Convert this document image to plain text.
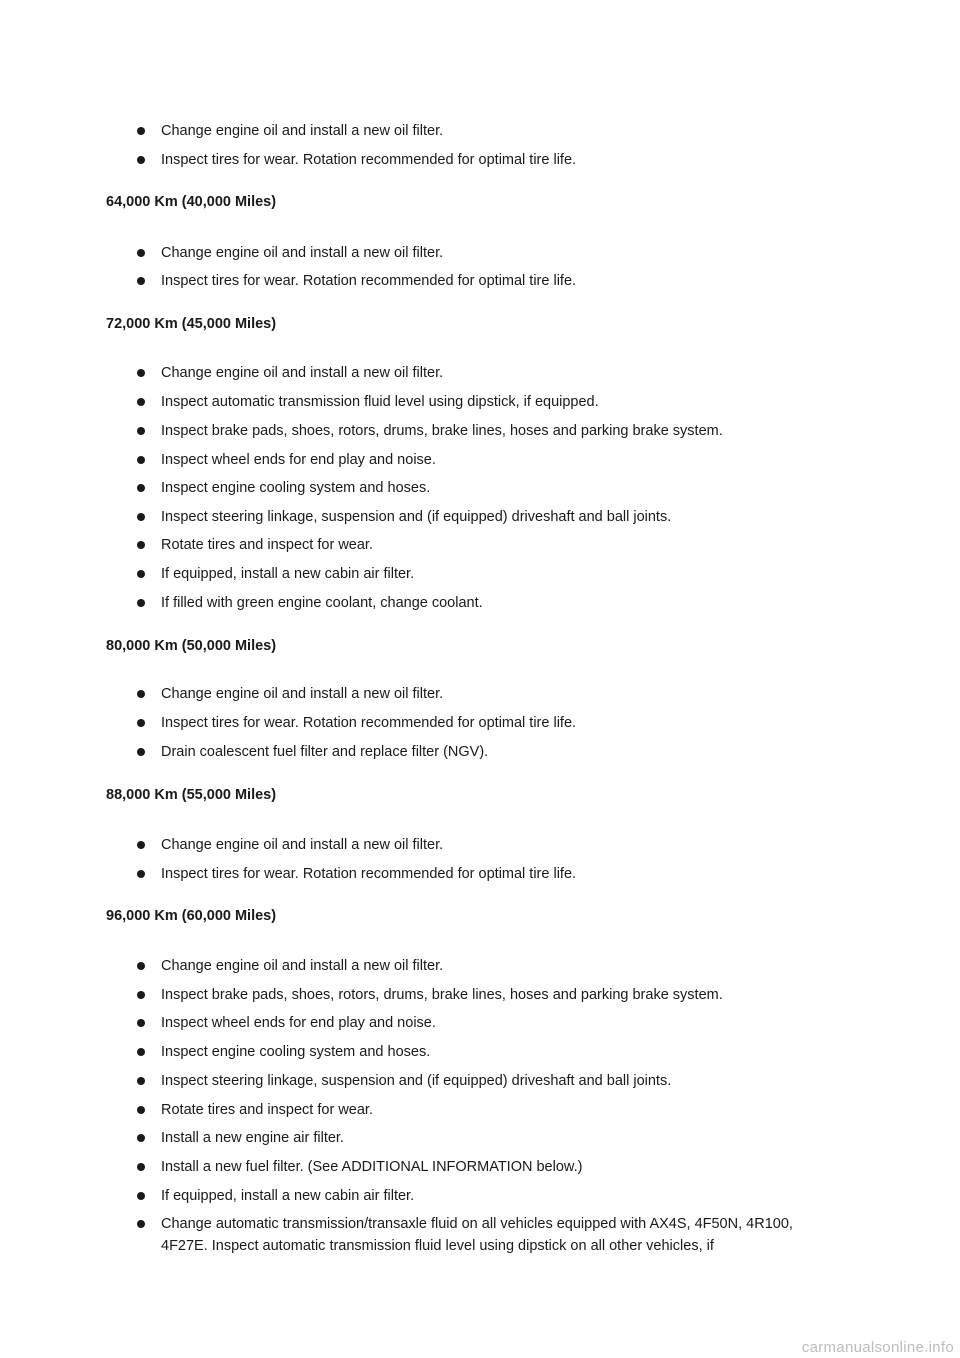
Change engine oil and install a new oil filter.
Inspect tires for wear. Rotation recommended for optimal tire life.
64,000 Km (40,000 Miles)
Change engine oil and install a new oil filter.
Inspect tires for wear. Rotation recommended for optimal tire life.
72,000 Km (45,000 Miles)
Change engine oil and install a new oil filter.
Inspect automatic transmission fluid level using dipstick, if equipped.
Inspect brake pads, shoes, rotors, drums, brake lines, hoses and parking brake system.
Inspect wheel ends for end play and noise.
Inspect engine cooling system and hoses.
Inspect steering linkage, suspension and (if equipped) driveshaft and ball joints.
Rotate tires and inspect for wear.
If equipped, install a new cabin air filter.
If filled with green engine coolant, change coolant.
80,000 Km (50,000 Miles)
Change engine oil and install a new oil filter.
Inspect tires for wear. Rotation recommended for optimal tire life.
Drain coalescent fuel filter and replace filter (NGV).
88,000 Km (55,000 Miles)
Change engine oil and install a new oil filter.
Inspect tires for wear. Rotation recommended for optimal tire life.
96,000 Km (60,000 Miles)
Change engine oil and install a new oil filter.
Inspect brake pads, shoes, rotors, drums, brake lines, hoses and parking brake system.
Inspect wheel ends for end play and noise.
Inspect engine cooling system and hoses.
Inspect steering linkage, suspension and (if equipped) driveshaft and ball joints.
Rotate tires and inspect for wear.
Install a new engine air filter.
Install a new fuel filter. (See ADDITIONAL INFORMATION below.)
If equipped, install a new cabin air filter.
Change automatic transmission/transaxle fluid on all vehicles equipped with AX4S, 4F50N, 4R100, 4F27E. Inspect automatic transmission fluid level using dipstick on all other vehicles, if
carmanualsonline.info
